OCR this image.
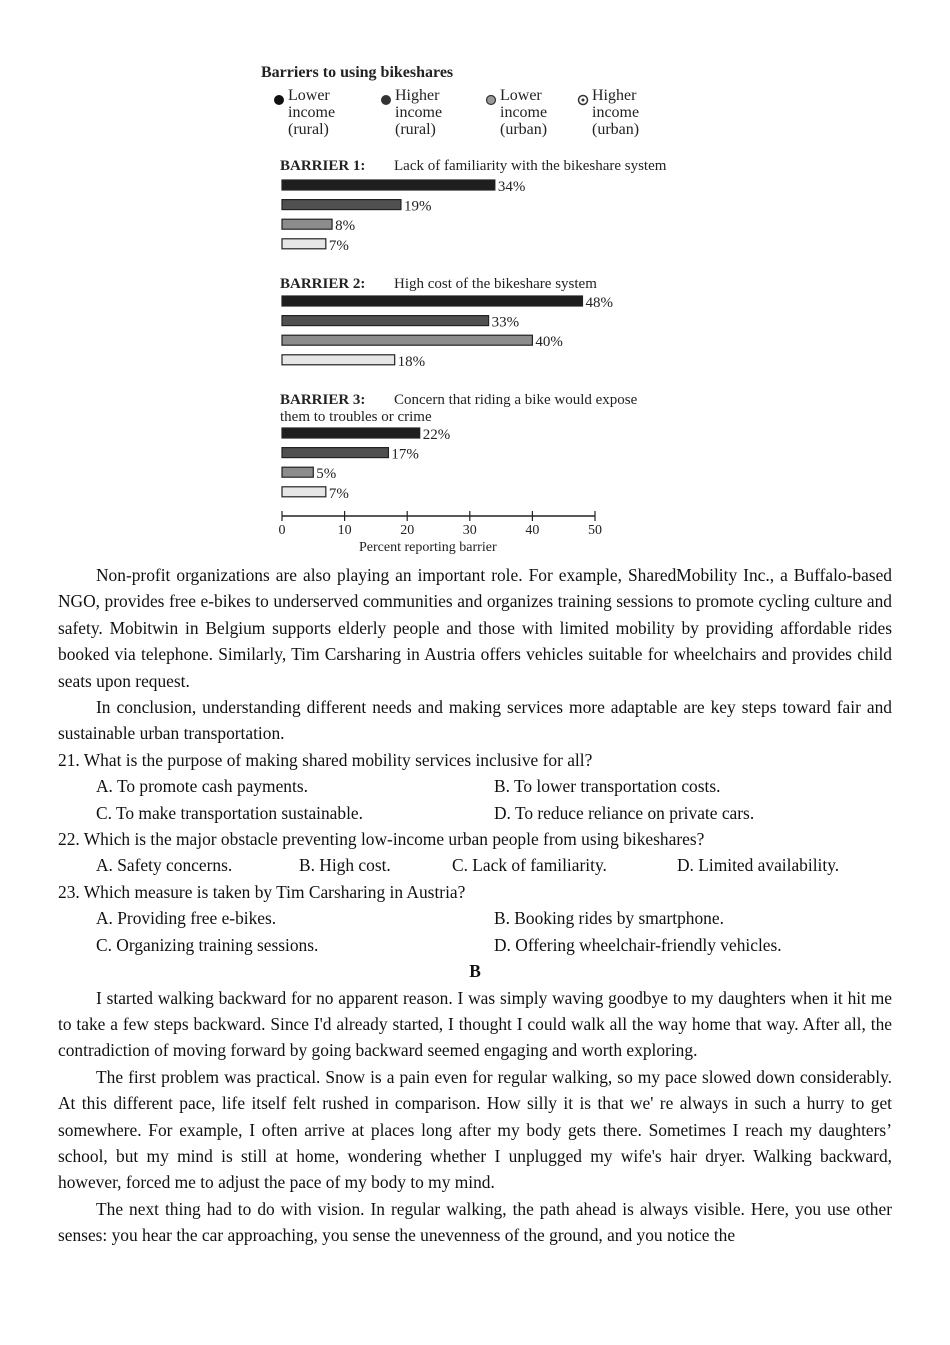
Barriers to using bikeshares
Lower
income
(rural)
Higher
income
(rural)
Lower
income
(urban)
Higher
income
(urban)
BARRIER 1: Lack of familiarity with the bikeshare system
34%
19%
8%
7%
BARRIER 2: High cost of the bikeshare system
48%
33%
40%
18%
BARRIER 3: Concern that riding a bike would expose
them to troubles or crime
22%
17%
5%
7%
0	10	20	30	40	50
Percent reporting barrier

Non-profit organizations are also playing an important role. For example, SharedMobility Inc., a Buffalo-based NGO, provides free e-bikes to underserved communities and organizes training sessions to promote cycling culture and safety. Mobitwin in Belgium supports elderly people and those with limited mobility by providing affordable rides booked via telephone. Similarly, Tim Carsharing in Austria offers vehicles suitable for wheelchairs and provides child seats upon request.

In conclusion, understanding different needs and making services more adaptable are key steps toward fair and sustainable urban transportation.

21. What is the purpose of making shared mobility services inclusive for all?

A. To promote cash payments.	B. To lower transportation costs.
C. To make transportation sustainable.	D. To reduce reliance on private cars.

22. Which is the major obstacle preventing low-income urban people from using bikeshares?

A. Safety concerns.	B. High cost.	C. Lack of familiarity.	D. Limited availability.

23. Which measure is taken by Tim Carsharing in Austria?

A. Providing free e-bikes.	B. Booking rides by smartphone.
C. Organizing training sessions.	D. Offering wheelchair-friendly vehicles.

B

I started walking backward for no apparent reason. I was simply waving goodbye to my daughters when it hit me to take a few steps backward. Since I'd already started, I thought I could walk all the way home that way. After all, the contradiction of moving forward by going backward seemed engaging and worth exploring.

The first problem was practical. Snow is a pain even for regular walking, so my pace slowed down considerably. At this different pace, life itself felt rushed in comparison. How silly it is that we' re always in such a hurry to get somewhere. For example, I often arrive at places long after my body gets there. Sometimes I reach my daughters’ school, but my mind is still at home, wondering whether I unplugged my wife's hair dryer. Walking backward, however, forced me to adjust the pace of my body to my mind.

The next thing had to do with vision. In regular walking, the path ahead is always visible. Here, you use other senses: you hear the car approaching, you sense the unevenness of the ground, and you notice the
